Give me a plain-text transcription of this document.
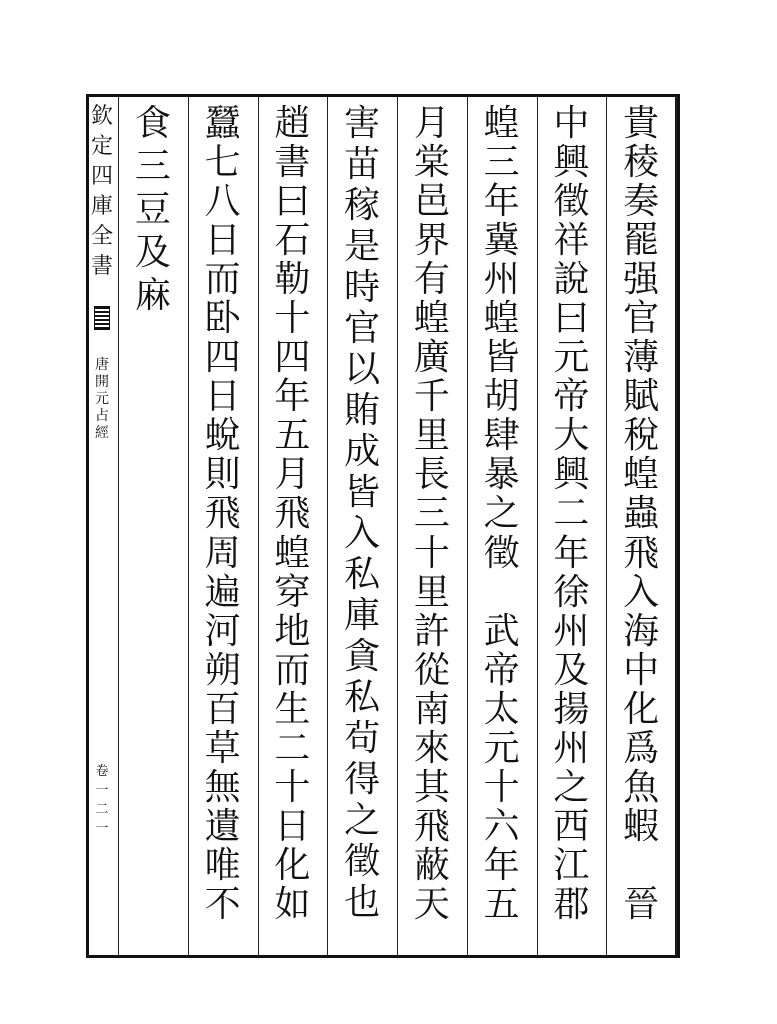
欽
定
四
庫
全
書
唐
開
元
占
經
卷一二一
貴
稜
奏
罷
强
官
薄
賦
稅
蝗
蟲
飛
入
海
中
化
爲
魚
蝦

晉
中
興
徵
祥
說
曰
元
帝
大
興
二
年
徐
州
及
揚
州
之
西
江
郡
蝗
三
年
冀
州
蝗
皆
胡
肆
暴
之
徵

武
帝
太
元
十
六
年
五
月
棠
邑
界
有
蝗
廣
千
里
長
三
十
里
許
從
南
來
其
飛
蔽
天
害
苗
稼
是
時
官
以
賄
成
皆
入
私
庫
貪
私
茍
得
之
徵
也
趙
書
曰
石
勒
十
四
年
五
月
飛
蝗
穿
地
而
生
二
十
日
化
如
蠶
七
八
日
而
卧
四
日
蛻
則
飛
周
遍
河
朔
百
草
無
遺
唯
不
食
三
豆
及
麻
